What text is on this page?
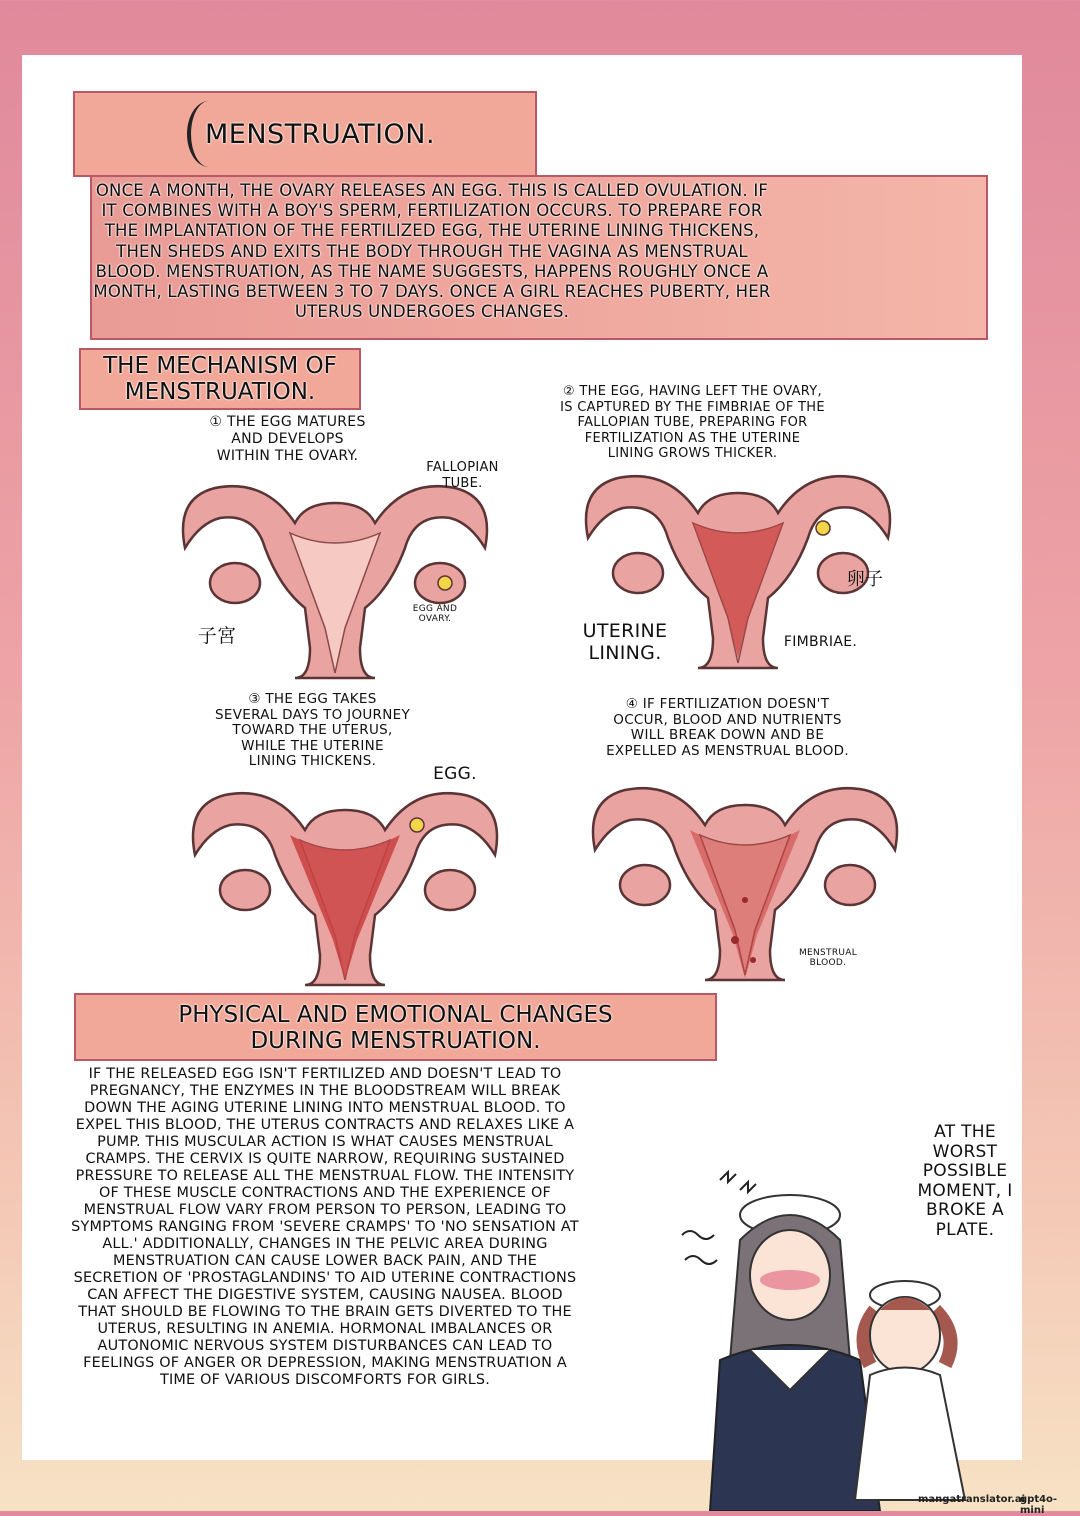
ONCE A MONTH, THE OVARY RELEASES AN EGG. THIS IS CALLED OVULATION. IF IT COMBINES WITH A BOY'S SPERM, FERTILIZATION OCCURS. TO PREPARE FOR THE IMPLANTATION OF THE FERTILIZED EGG, THE UTERINE LINING THICKENS, THEN SHEDS AND EXITS THE BODY THROUGH THE VAGINA AS MENSTRUAL BLOOD. MENSTRUATION, AS THE NAME SUGGESTS, HAPPENS ROUGHLY ONCE A MONTH, LASTING BETWEEN 3 TO 7 DAYS. ONCE A GIRL REACHES PUBERTY, HER UTERUS UNDERGOES CHANGES.

MENSTRUATION.
THE MECHANISM OF MENSTRUATION.
① THE EGG MATURES AND DEVELOPS WITHIN THE OVARY.
② THE EGG, HAVING LEFT THE OVARY, IS CAPTURED BY THE FIMBRIAE OF THE FALLOPIAN TUBE, PREPARING FOR FERTILIZATION AS THE UTERINE LINING GROWS THICKER.
③ THE EGG TAKES SEVERAL DAYS TO JOURNEY TOWARD THE UTERUS, WHILE THE UTERINE LINING THICKENS.
④ IF FERTILIZATION DOESN'T OCCUR, BLOOD AND NUTRIENTS WILL BREAK DOWN AND BE EXPELLED AS MENSTRUAL BLOOD.
FALLOPIAN TUBE.
EGG AND OVARY.
子宮
卵子
UTERINE LINING.	FIMBRIAE.
EGG.
MENSTRUAL BLOOD.
PHYSICAL AND EMOTIONAL CHANGES DURING MENSTRUATION.
IF THE RELEASED EGG ISN'T FERTILIZED AND DOESN'T LEAD TO PREGNANCY, THE ENZYMES IN THE BLOODSTREAM WILL BREAK DOWN THE AGING UTERINE LINING INTO MENSTRUAL BLOOD. TO EXPEL THIS BLOOD, THE UTERUS CONTRACTS AND RELAXES LIKE A PUMP. THIS MUSCULAR ACTION IS WHAT CAUSES MENSTRUAL CRAMPS. THE CERVIX IS QUITE NARROW, REQUIRING SUSTAINED PRESSURE TO RELEASE ALL THE MENSTRUAL FLOW. THE INTENSITY OF THESE MUSCLE CONTRACTIONS AND THE EXPERIENCE OF MENSTRUAL FLOW VARY FROM PERSON TO PERSON, LEADING TO SYMPTOMS RANGING FROM 'SEVERE CRAMPS' TO 'NO SENSATION AT ALL.' ADDITIONALLY, CHANGES IN THE PELVIC AREA DURING MENSTRUATION CAN CAUSE LOWER BACK PAIN, AND THE SECRETION OF 'PROSTAGLANDINS' TO AID UTERINE CONTRACTIONS CAN AFFECT THE DIGESTIVE SYSTEM, CAUSING NAUSEA. BLOOD THAT SHOULD BE FLOWING TO THE BRAIN GETS DIVERTED TO THE UTERUS, RESULTING IN ANEMIA. HORMONAL IMBALANCES OR AUTONOMIC NERVOUS SYSTEM DISTURBANCES CAN LEAD TO FEELINGS OF ANGER OR DEPRESSION, MAKING MENSTRUATION A TIME OF VARIOUS DISCOMFORTS FOR GIRLS.
AT THE WORST POSSIBLE MOMENT, I BROKE A PLATE.
mangatranslator.ai
gpt4o-mini
